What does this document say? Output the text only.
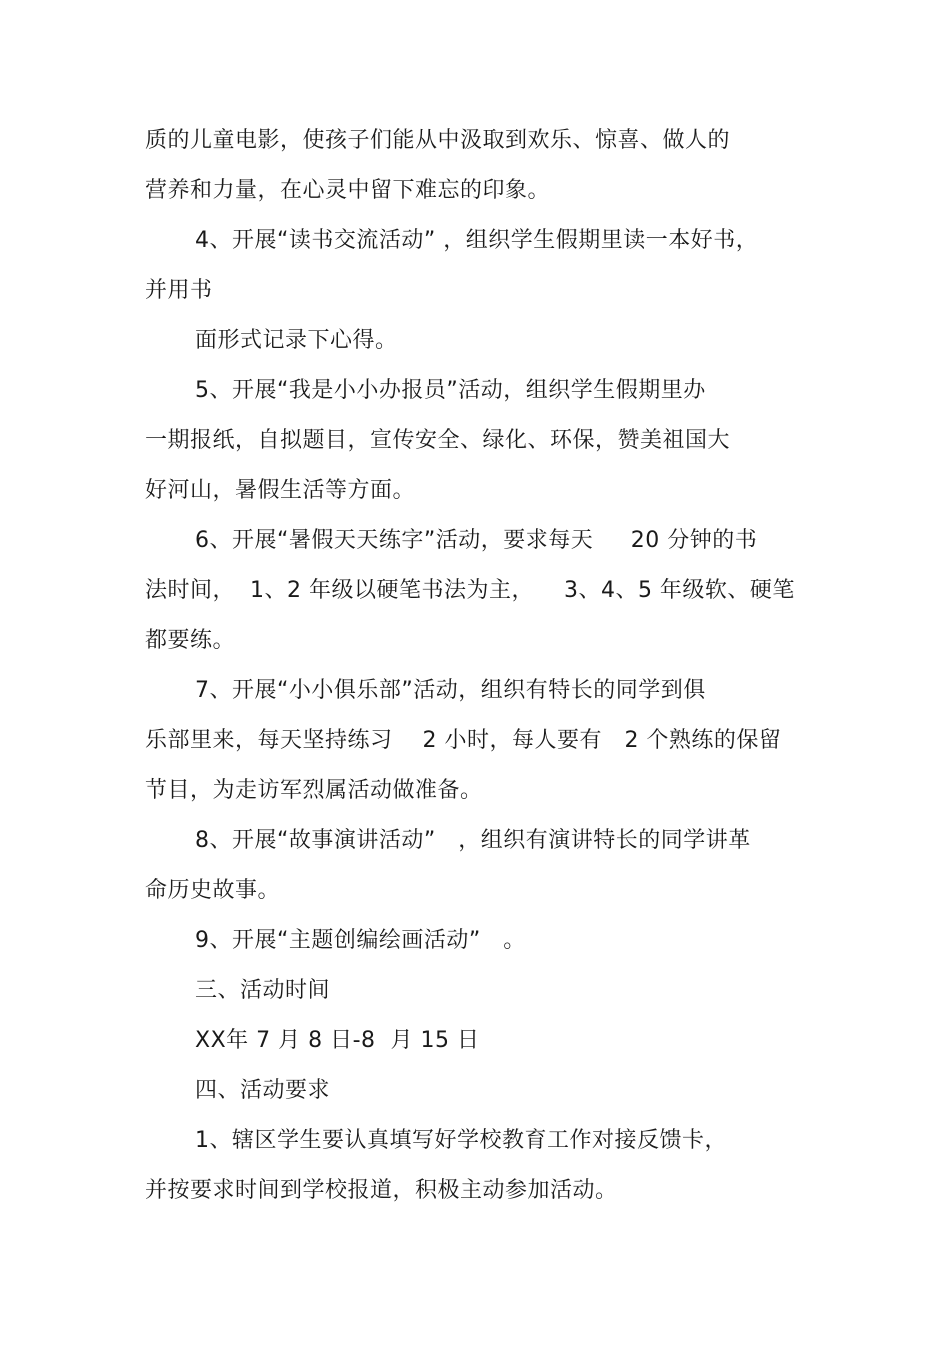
质的儿童电影，使孩子们能从中汲取到欢乐、惊喜、做人的
营养和力量，在心灵中留下难忘的印象。
4、开展“读书交流活动” ，组织学生假期里读一本好书，
并用书
面形式记录下心得。
5、开展“我是小小办报员”活动，组织学生假期里办
一期报纸，自拟题目，宣传安全、绿化、环保，赞美祖国大
好河山，暑假生活等方面。
6、开展“暑假天天练字”活动，要求每天     20 分钟的书
法时间，  1、2 年级以硬笔书法为主，    3、4、5 年级软、硬笔
都要练。
7、开展“小小俱乐部”活动，组织有特长的同学到俱
乐部里来，每天坚持练习    2 小时，每人要有   2 个熟练的保留
节目，为走访军烈属活动做准备。
8、开展“故事演讲活动”   ，组织有演讲特长的同学讲革
命历史故事。
9、开展“主题创编绘画活动”   。
三、活动时间
XX年 7 月 8 日-8  月 15 日
四、活动要求
1、辖区学生要认真填写好学校教育工作对接反馈卡，
并按要求时间到学校报道，积极主动参加活动。
